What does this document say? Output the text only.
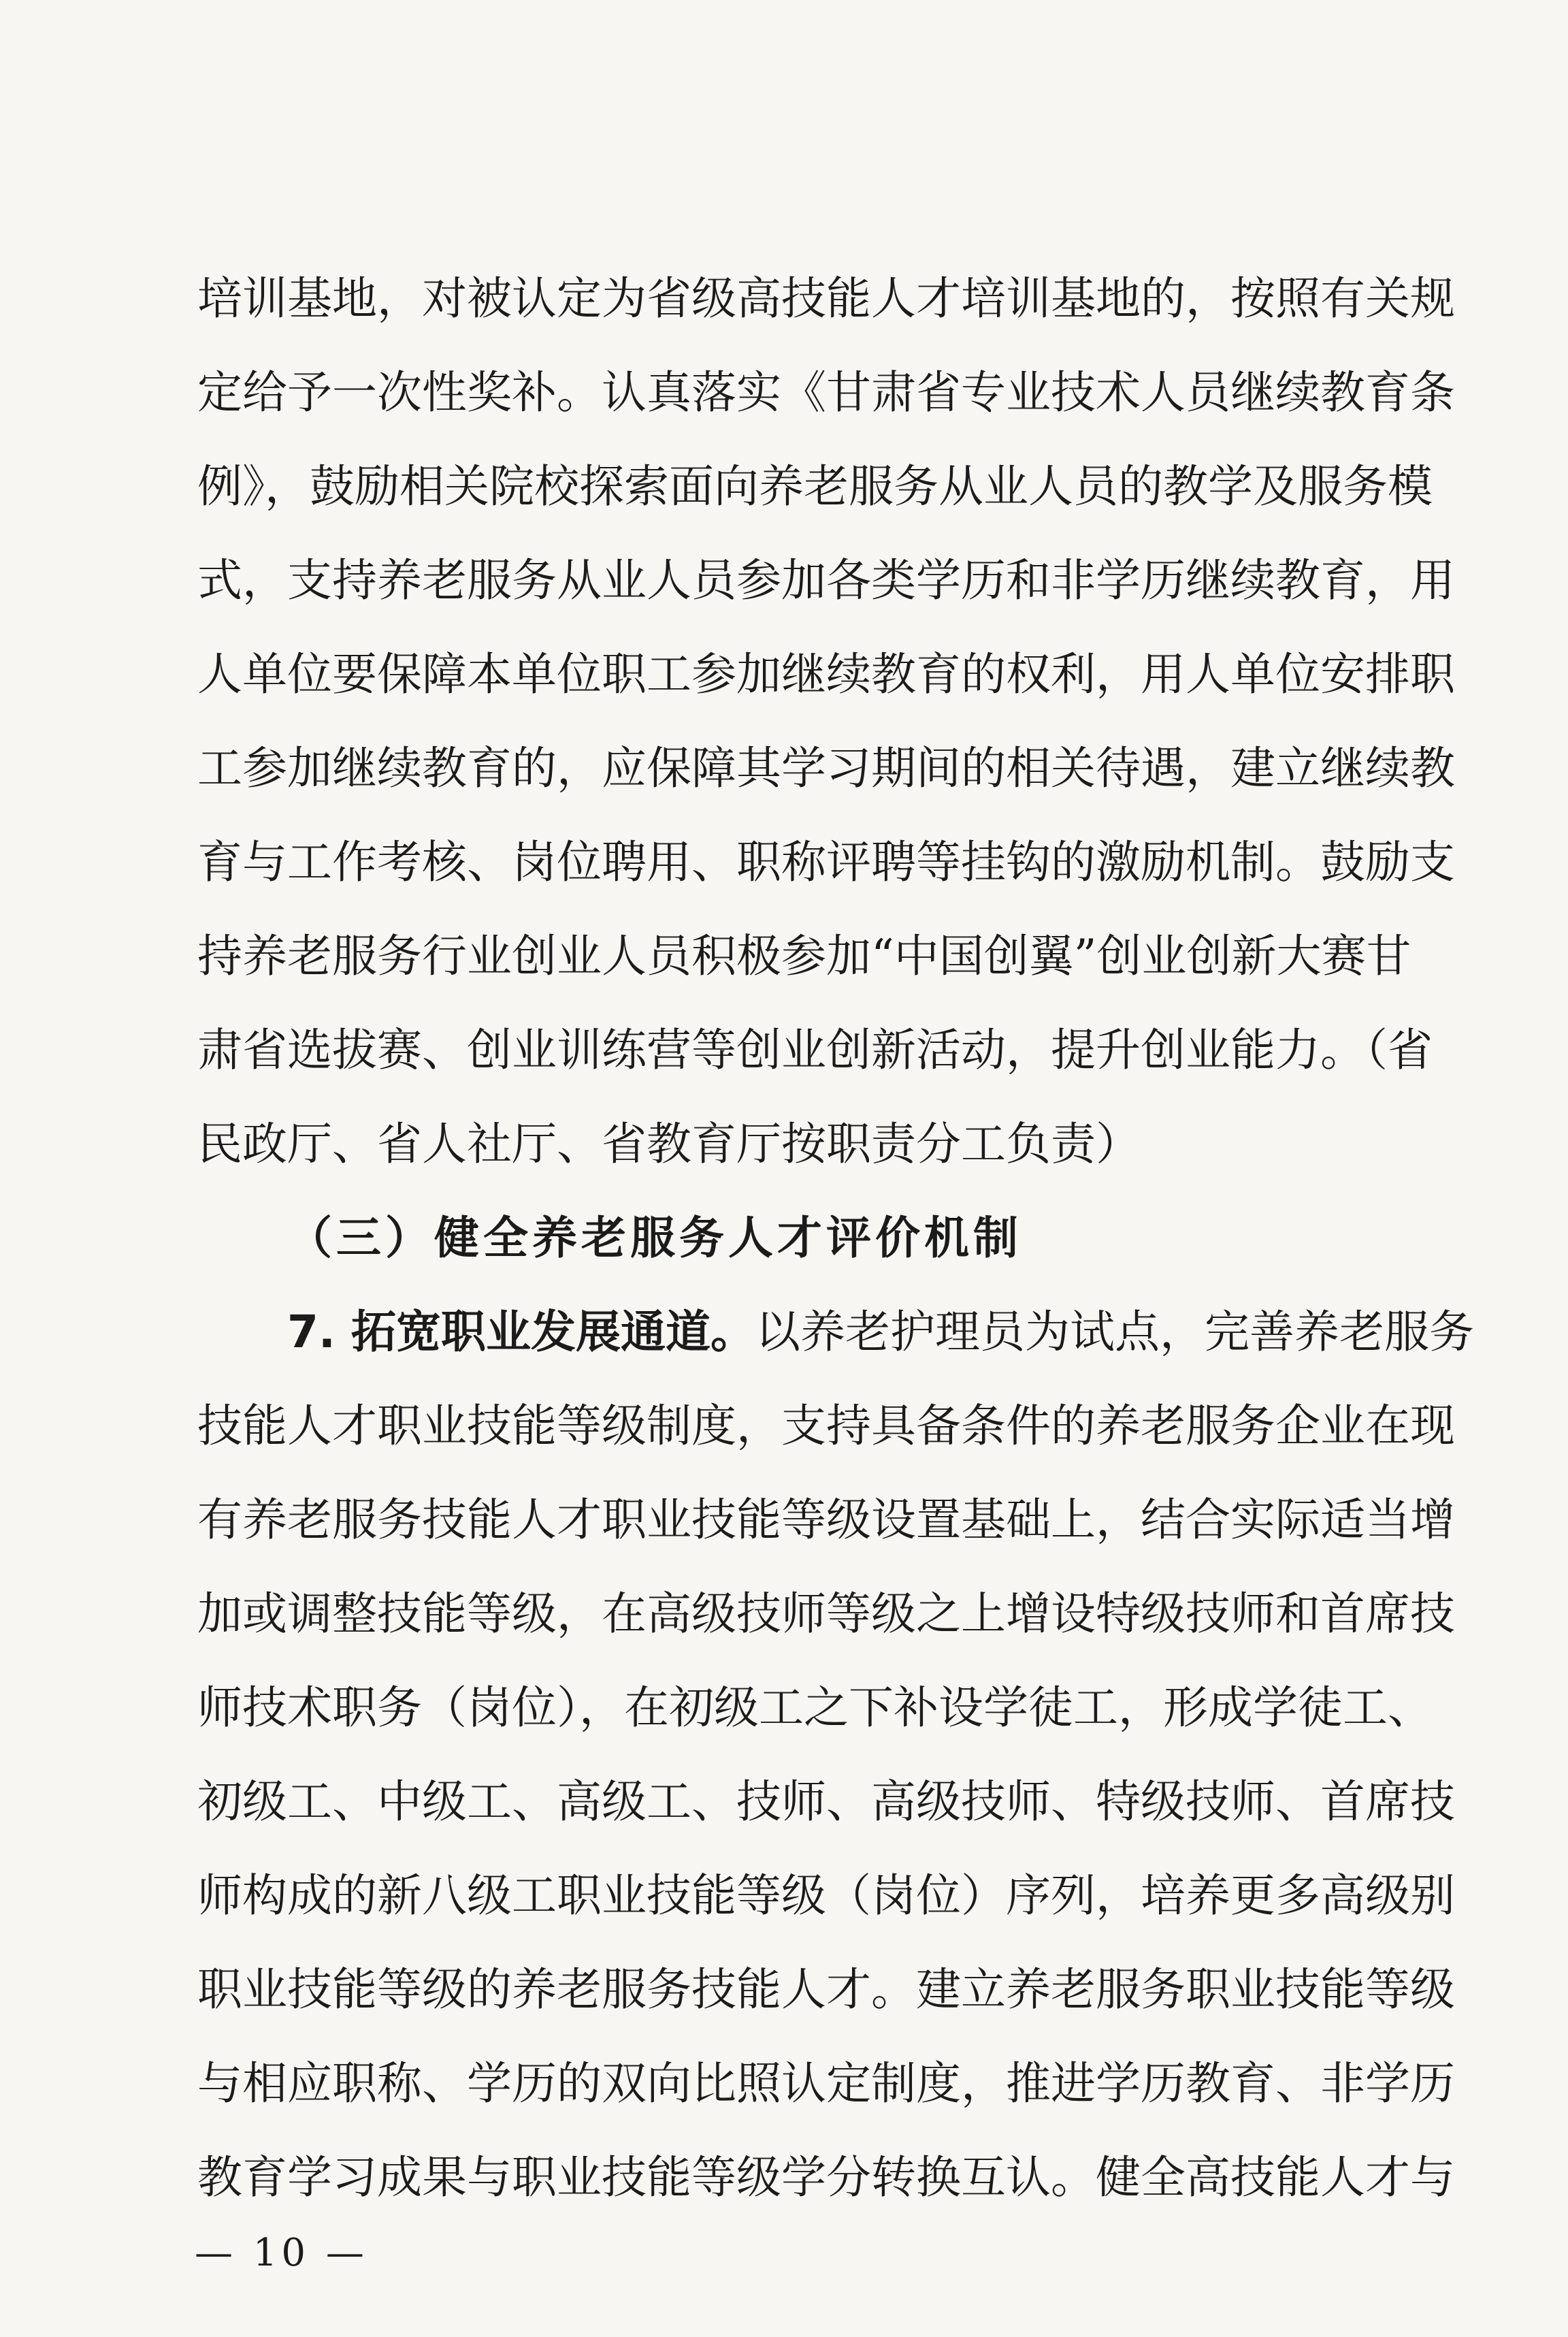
培训基地，对被认定为省级高技能人才培训基地的，按照有关规
定给予一次性奖补。认真落实《甘肃省专业技术人员继续教育条
例》，鼓励相关院校探索面向养老服务从业人员的教学及服务模
式，支持养老服务从业人员参加各类学历和非学历继续教育，用
人单位要保障本单位职工参加继续教育的权利，用人单位安排职
工参加继续教育的，应保障其学习期间的相关待遇，建立继续教
育与工作考核、岗位聘用、职称评聘等挂钩的激励机制。鼓励支
持养老服务行业创业人员积极参加“中国创翼”创业创新大赛甘
肃省选拔赛、创业训练营等创业创新活动，提升创业能力。（省
民政厅、省人社厅、省教育厅按职责分工负责）
（三）健全养老服务人才评价机制
7. 拓宽职业发展通道。以养老护理员为试点，完善养老服务
技能人才职业技能等级制度，支持具备条件的养老服务企业在现
有养老服务技能人才职业技能等级设置基础上，结合实际适当增
加或调整技能等级，在高级技师等级之上增设特级技师和首席技
师技术职务（岗位），在初级工之下补设学徒工，形成学徒工、
初级工、中级工、高级工、技师、高级技师、特级技师、首席技
师构成的新八级工职业技能等级（岗位）序列，培养更多高级别
职业技能等级的养老服务技能人才。建立养老服务职业技能等级
与相应职称、学历的双向比照认定制度，推进学历教育、非学历
教育学习成果与职业技能等级学分转换互认。健全高技能人才与
— 10 —
